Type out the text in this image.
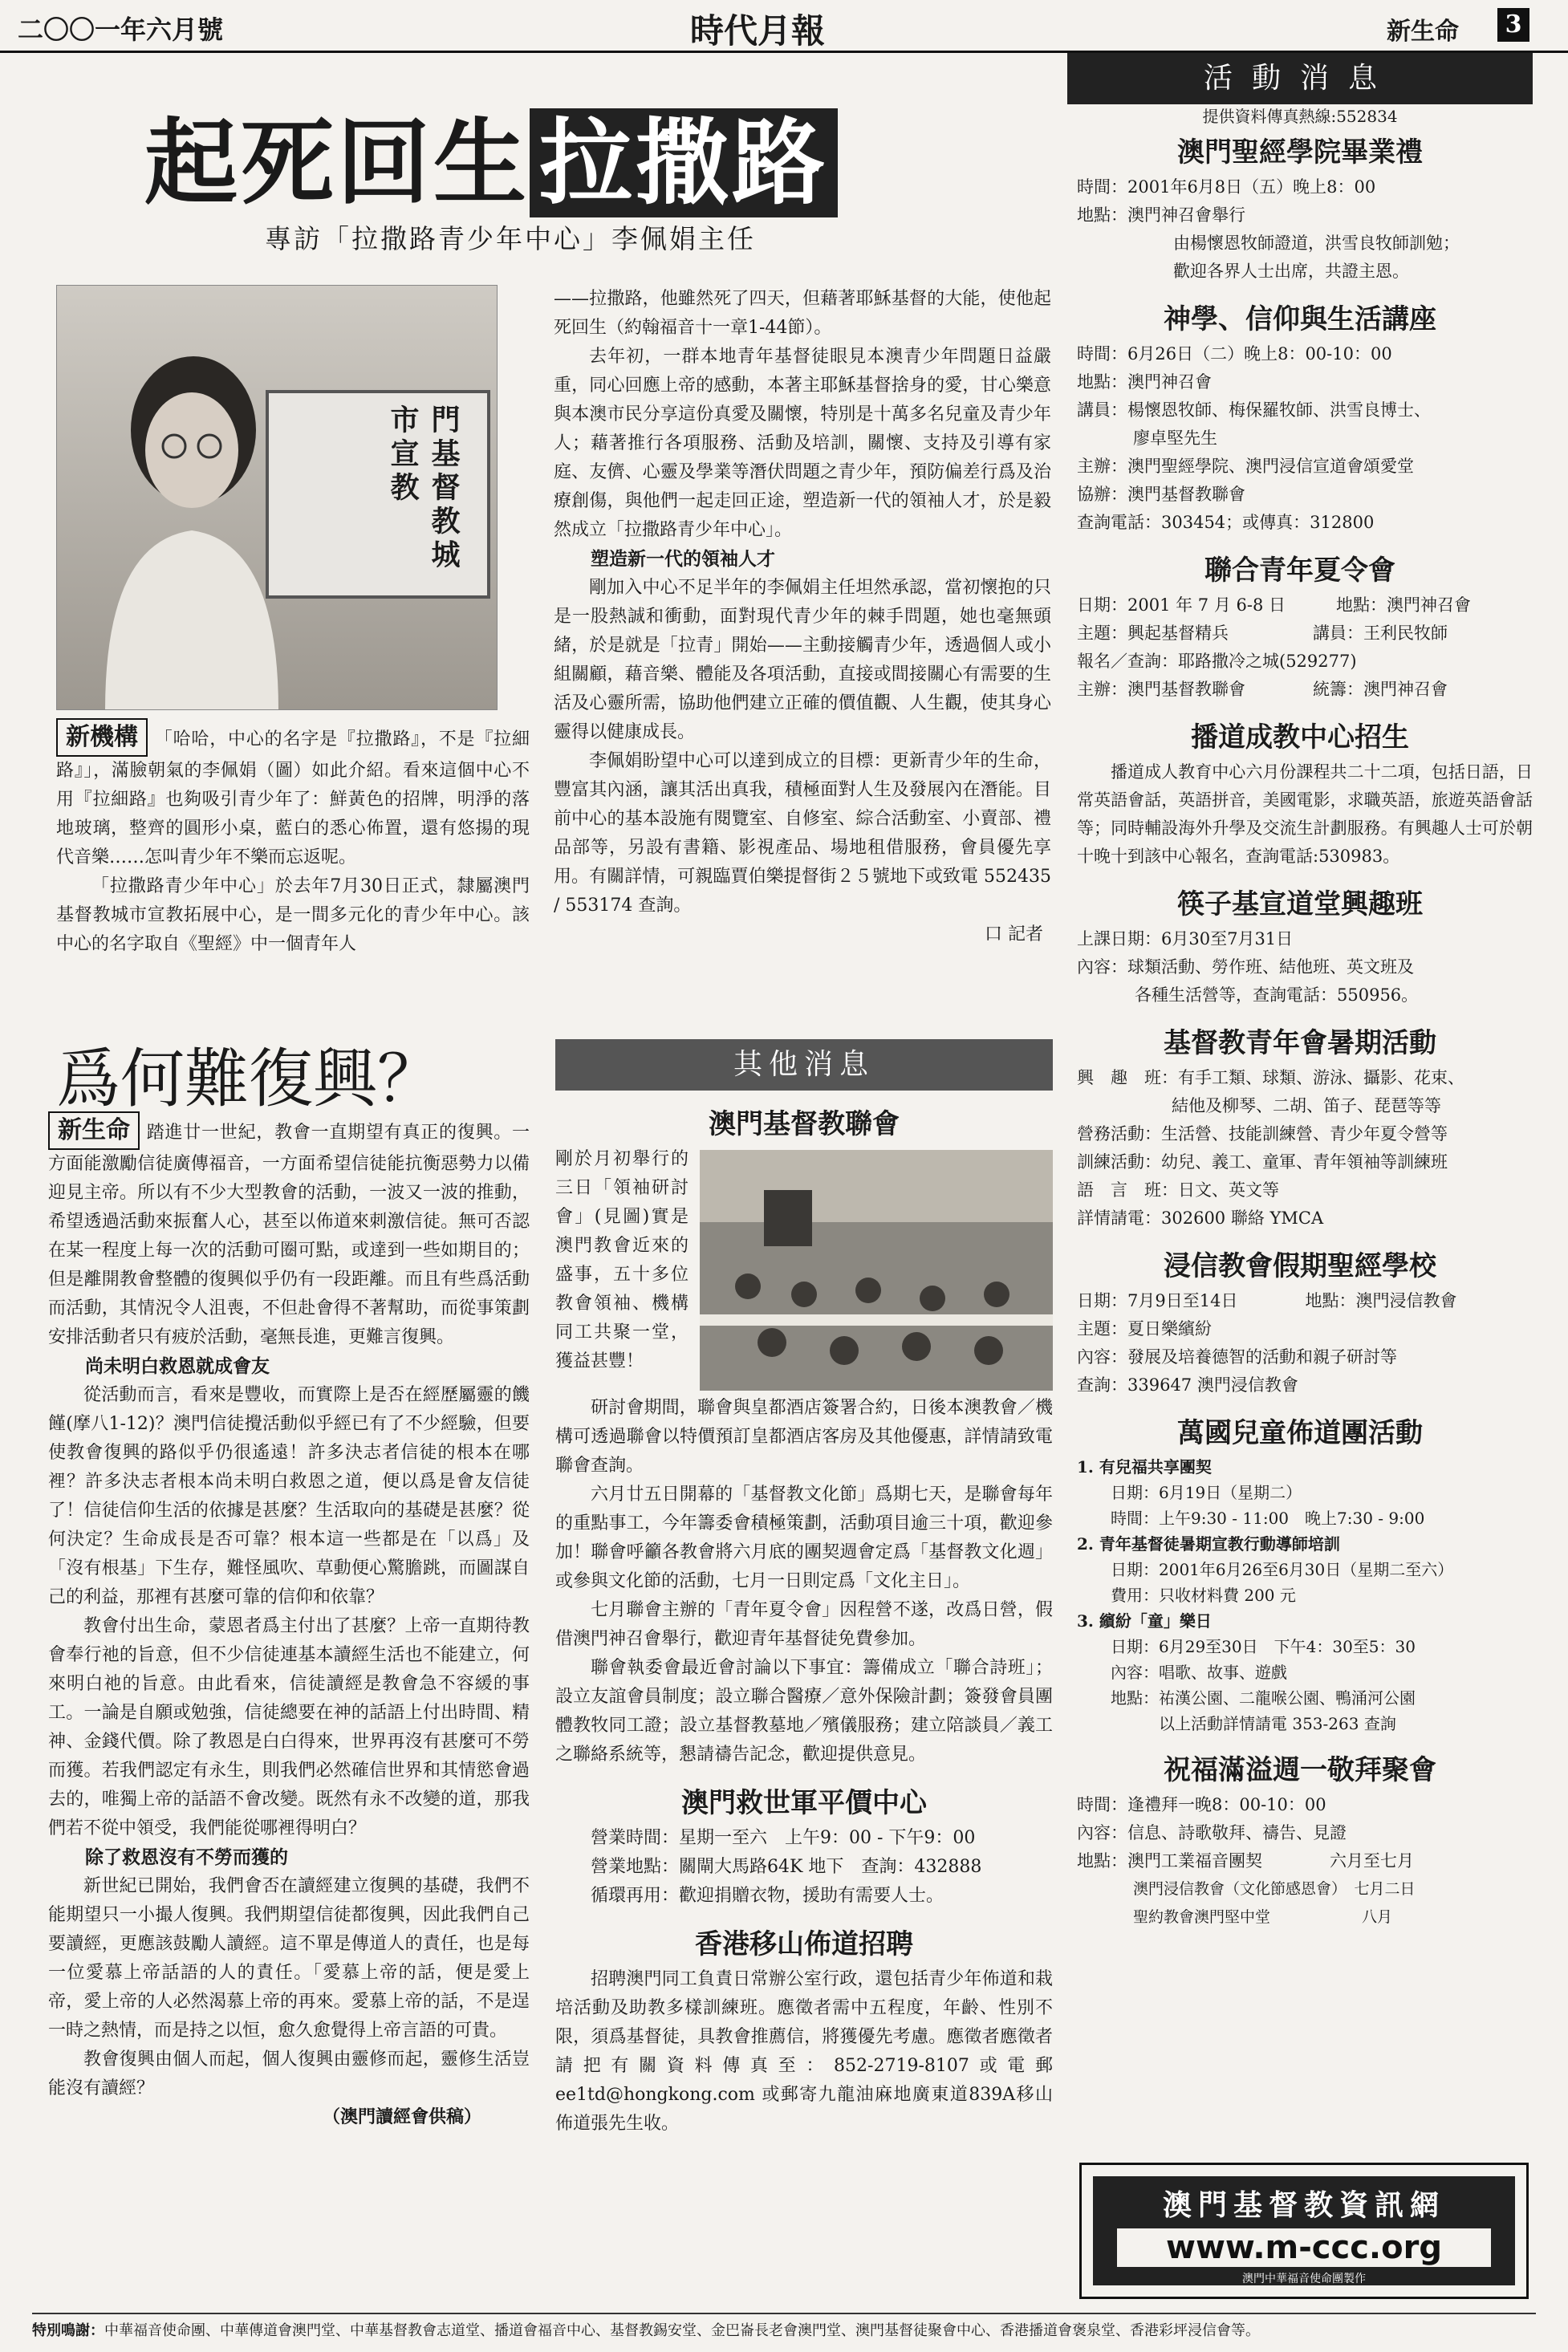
二〇〇一年六月號	時代月報	新生命	3
起死回生 拉撒路
專訪「拉撒路青少年中心」李佩娟主任
門基督教城市宣教

新機構 「哈哈，中心的名字是『拉撒路』，不是『拉細路』」，滿臉朝氣的李佩娟（圖）如此介紹。看來這個中心不用『拉細路』也夠吸引青少年了：鮮黃色的招牌，明淨的落地玻璃，整齊的圓形小桌，藍白的悉心佈置，還有悠揚的現代音樂……怎叫青少年不樂而忘返呢。

「拉撒路青少年中心」於去年7月30日正式，隸屬澳門基督教城市宣教拓展中心，是一間多元化的青少年中心。該中心的名字取自《聖經》中一個青年人

——拉撒路，他雖然死了四天，但藉著耶穌基督的大能，使他起死回生（約翰福音十一章1-44節）。

去年初，一群本地青年基督徒眼見本澳青少年問題日益嚴重，同心回應上帝的感動，本著主耶穌基督捨身的愛，甘心樂意與本澳市民分享這份真愛及關懷，特別是十萬多名兒童及青少年人；藉著推行各項服務、活動及培訓，關懷、支持及引導有家庭、友儕、心靈及學業等潛伏問題之青少年，預防偏差行爲及治療創傷，與他們一起走回正途，塑造新一代的領袖人才，於是毅然成立「拉撒路青少年中心」。

塑造新一代的領袖人才

剛加入中心不足半年的李佩娟主任坦然承認，當初懷抱的只是一股熱誠和衝動，面對現代青少年的棘手問題，她也毫無頭緒，於是就是「拉青」開始——主動接觸青少年，透過個人或小組關顧，藉音樂、體能及各項活動，直接或間接關心有需要的生活及心靈所需，協助他們建立正確的價值觀、人生觀，使其身心靈得以健康成長。

李佩娟盼望中心可以達到成立的目標：更新青少年的生命，豐富其內涵，讓其活出真我，積極面對人生及發展內在潛能。目前中心的基本設施有閱覽室、自修室、綜合活動室、小賣部、禮品部等，另設有書籍、影視產品、場地租借服務，會員優先享用。有關詳情，可親臨賈伯樂提督街２５號地下或致電 552435 / 553174 查詢。

口 記者
爲何難復興？

新生命 踏進廿一世紀，教會一直期望有真正的復興。一方面能激勵信徒廣傳福音，一方面希望信徒能抗衡惡勢力以備迎見主帝。所以有不少大型教會的活動，一波又一波的推動，希望透過活動來振奮人心，甚至以佈道來刺激信徒。無可否認在某一程度上每一次的活動可圈可點，或達到一些如期目的；但是離開教會整體的復興似乎仍有一段距離。而且有些爲活動而活動，其情況令人沮喪，不但赴會得不著幫助，而從事策劃安排活動者只有疲於活動，毫無長進，更難言復興。

尚未明白救恩就成會友

從活動而言，看來是豐收，而實際上是否在經歷屬靈的饑饉(摩八1-12)？澳門信徒攪活動似乎經已有了不少經驗，但要使教會復興的路似乎仍很遙遠！許多決志者信徒的根本在哪裡？許多決志者根本尚未明白救恩之道，便以爲是會友信徒了！信徒信仰生活的依據是甚麼？生活取向的基礎是甚麼？從何決定？生命成長是否可靠？根本這一些都是在「以爲」及「沒有根基」下生存，難怪風吹、草動便心驚膽跳，而圖謀自己的利益，那裡有甚麼可靠的信仰和依靠？

教會付出生命，蒙恩者爲主付出了甚麼？上帝一直期待教會奉行祂的旨意，但不少信徒連基本讀經生活也不能建立，何來明白祂的旨意。由此看來，信徒讀經是教會急不容緩的事工。一論是自願或勉強，信徒總要在神的話語上付出時間、精神、金錢代價。除了教恩是白白得來，世界再沒有甚麼可不勞而獲。若我們認定有永生，則我們必然確信世界和其情慾會過去的，唯獨上帝的話語不會改變。既然有永不改變的道，那我們若不從中領受，我們能從哪裡得明白？

除了救恩沒有不勞而獲的

新世紀已開始，我們會否在讀經建立復興的基礎，我們不能期望只一小撮人復興。我們期望信徒都復興，因此我們自己要讀經，更應該鼓勵人讀經。這不單是傳道人的責任，也是每一位愛慕上帝話語的人的責任。「愛慕上帝的話，便是愛上帝，愛上帝的人必然渴慕上帝的再來。愛慕上帝的話，不是逞一時之熱情，而是持之以恒，愈久愈覺得上帝言語的可貴。

教會復興由個人而起，個人復興由靈修而起，靈修生活豈能沒有讀經？

（澳門讀經會供稿）
其他消息
澳門基督教聯會

剛於月初舉行的三日「領袖研討會」(見圖)實是澳門教會近來的盛事，五十多位教會領袖、機構同工共聚一堂，獲益甚豐！

研討會期間，聯會與皇都酒店簽署合約，日後本澳教會／機構可透過聯會以特價預訂皇都酒店客房及其他優惠，詳情請致電聯會查詢。

六月廿五日開幕的「基督教文化節」爲期七天，是聯會每年的重點事工，今年籌委會積極策劃，活動項目逾三十項，歡迎參加！聯會呼籲各教會將六月底的團契週會定爲「基督教文化週」或參與文化節的活動，七月一日則定爲「文化主日」。

七月聯會主辦的「青年夏令會」因程營不遂，改爲日營，假借澳門神召會舉行，歡迎青年基督徒免費參加。

聯會執委會最近會討論以下事宜：籌備成立「聯合詩班」；設立友誼會員制度；設立聯合醫療／意外保險計劃；簽發會員團體教牧同工證；設立基督教墓地／殯儀服務；建立陪談員／義工之聯絡系統等，懇請禱告記念，歡迎提供意見。

澳門救世軍平價中心
營業時間：星期一至六　上午9：00 - 下午9：00
營業地點：關閘大馬路64K 地下　查詢：432888
循環再用：歡迎捐贈衣物，援助有需要人士。
香港移山佈道招聘

招聘澳門同工負責日常辦公室行政，還包括青少年佈道和栽培活動及助教多樣訓練班。應徵者需中五程度，年齡、性別不限，須爲基督徒，具教會推薦信，將獲優先考慮。應徵者應徵者請把有關資料傳真至：852-2719-8107或電郵 ee1td@hongkong.com 或郵寄九龍油麻地廣東道839A移山佈道張先生收。

活動消息
提供資料傳真熱線:552834
澳門聖經學院畢業禮
時間：2001年6月8日（五）晚上8：00
地點：澳門神召會舉行
由楊懷恩牧師證道，洪雪良牧師訓勉；
歡迎各界人士出席，共證主恩。
神學、信仰與生活講座
時間：6月26日（二）晚上8：00-10：00
地點：澳門神召會
講員：楊懷恩牧師、梅保羅牧師、洪雪良博士、
廖卓堅先生
主辦：澳門聖經學院、澳門浸信宣道會頌愛堂
協辦：澳門基督教聯會
查詢電話：303454；或傳真：312800
聯合青年夏令會
日期：2001 年 7 月 6-8 日　　　地點：澳門神召會
主題：興起基督精兵　　　　　講員：王利民牧師
報名／查詢：耶路撒冷之城(529277)
主辦：澳門基督教聯會　　　　統籌：澳門神召會
播道成教中心招生

播道成人教育中心六月份課程共二十二項，包括日語，日常英語會話，英語拼音，美國電影，求職英語，旅遊英語會話等；同時輔設海外升學及交流生計劃服務。有興趣人士可於朝十晚十到該中心報名，查詢電話:530983。

筷子基宣道堂興趣班
上課日期：6月30至7月31日
內容：球類活動、勞作班、結他班、英文班及
各種生活營等，查詢電話：550956。
基督教青年會暑期活動
興　趣　班：有手工類、球類、游泳、攝影、花束、
結他及柳琴、二胡、笛子、琵琶等等
營務活動：生活營、技能訓練營、青少年夏令營等
訓練活動：幼兒、義工、童軍、青年領袖等訓練班
語　言　班：日文、英文等
詳情請電：302600 聯絡 YMCA
浸信教會假期聖經學校
日期：7月9日至14日　　　　地點：澳門浸信教會
主題：夏日樂繽紛
內容：發展及培養德智的活動和親子研討等
查詢：339647 澳門浸信教會
萬國兒童佈道團活動
1. 有兒福共享團契
日期：6月19日（星期二）
時間：上午9:30 - 11:00　晚上7:30 - 9:00
2. 青年基督徒暑期宣教行動導師培訓
日期：2001年6月26至6月30日（星期二至六）
費用：只收材料費 200 元
3. 繽紛「童」樂日
日期：6月29至30日　下午4：30至5：30
內容：唱歌、故事、遊戲
地點：祐漢公園、二龍喉公園、鴨涌河公園
以上活動詳情請電 353-263 查詢
祝福滿溢週一敬拜聚會
時間：逢禮拜一晚8：00-10：00
內容：信息、詩歌敬拜、禱告、見證
地點：澳門工業福音團契　　　　六月至七月
澳門浸信教會（文化節感恩會）　七月二日
聖約教會澳門堅中堂　　　　　　八月
澳門基督教資訊網
www.m-ccc.org
澳門中華福音使命團製作
特別鳴謝：中華福音使命團、中華傳道會澳門堂、中華基督教會志道堂、播道會福音中心、基督教錫安堂、金巴崙長老會澳門堂、澳門基督徒聚會中心、香港播道會褒泉堂、香港彩坪浸信會等。
